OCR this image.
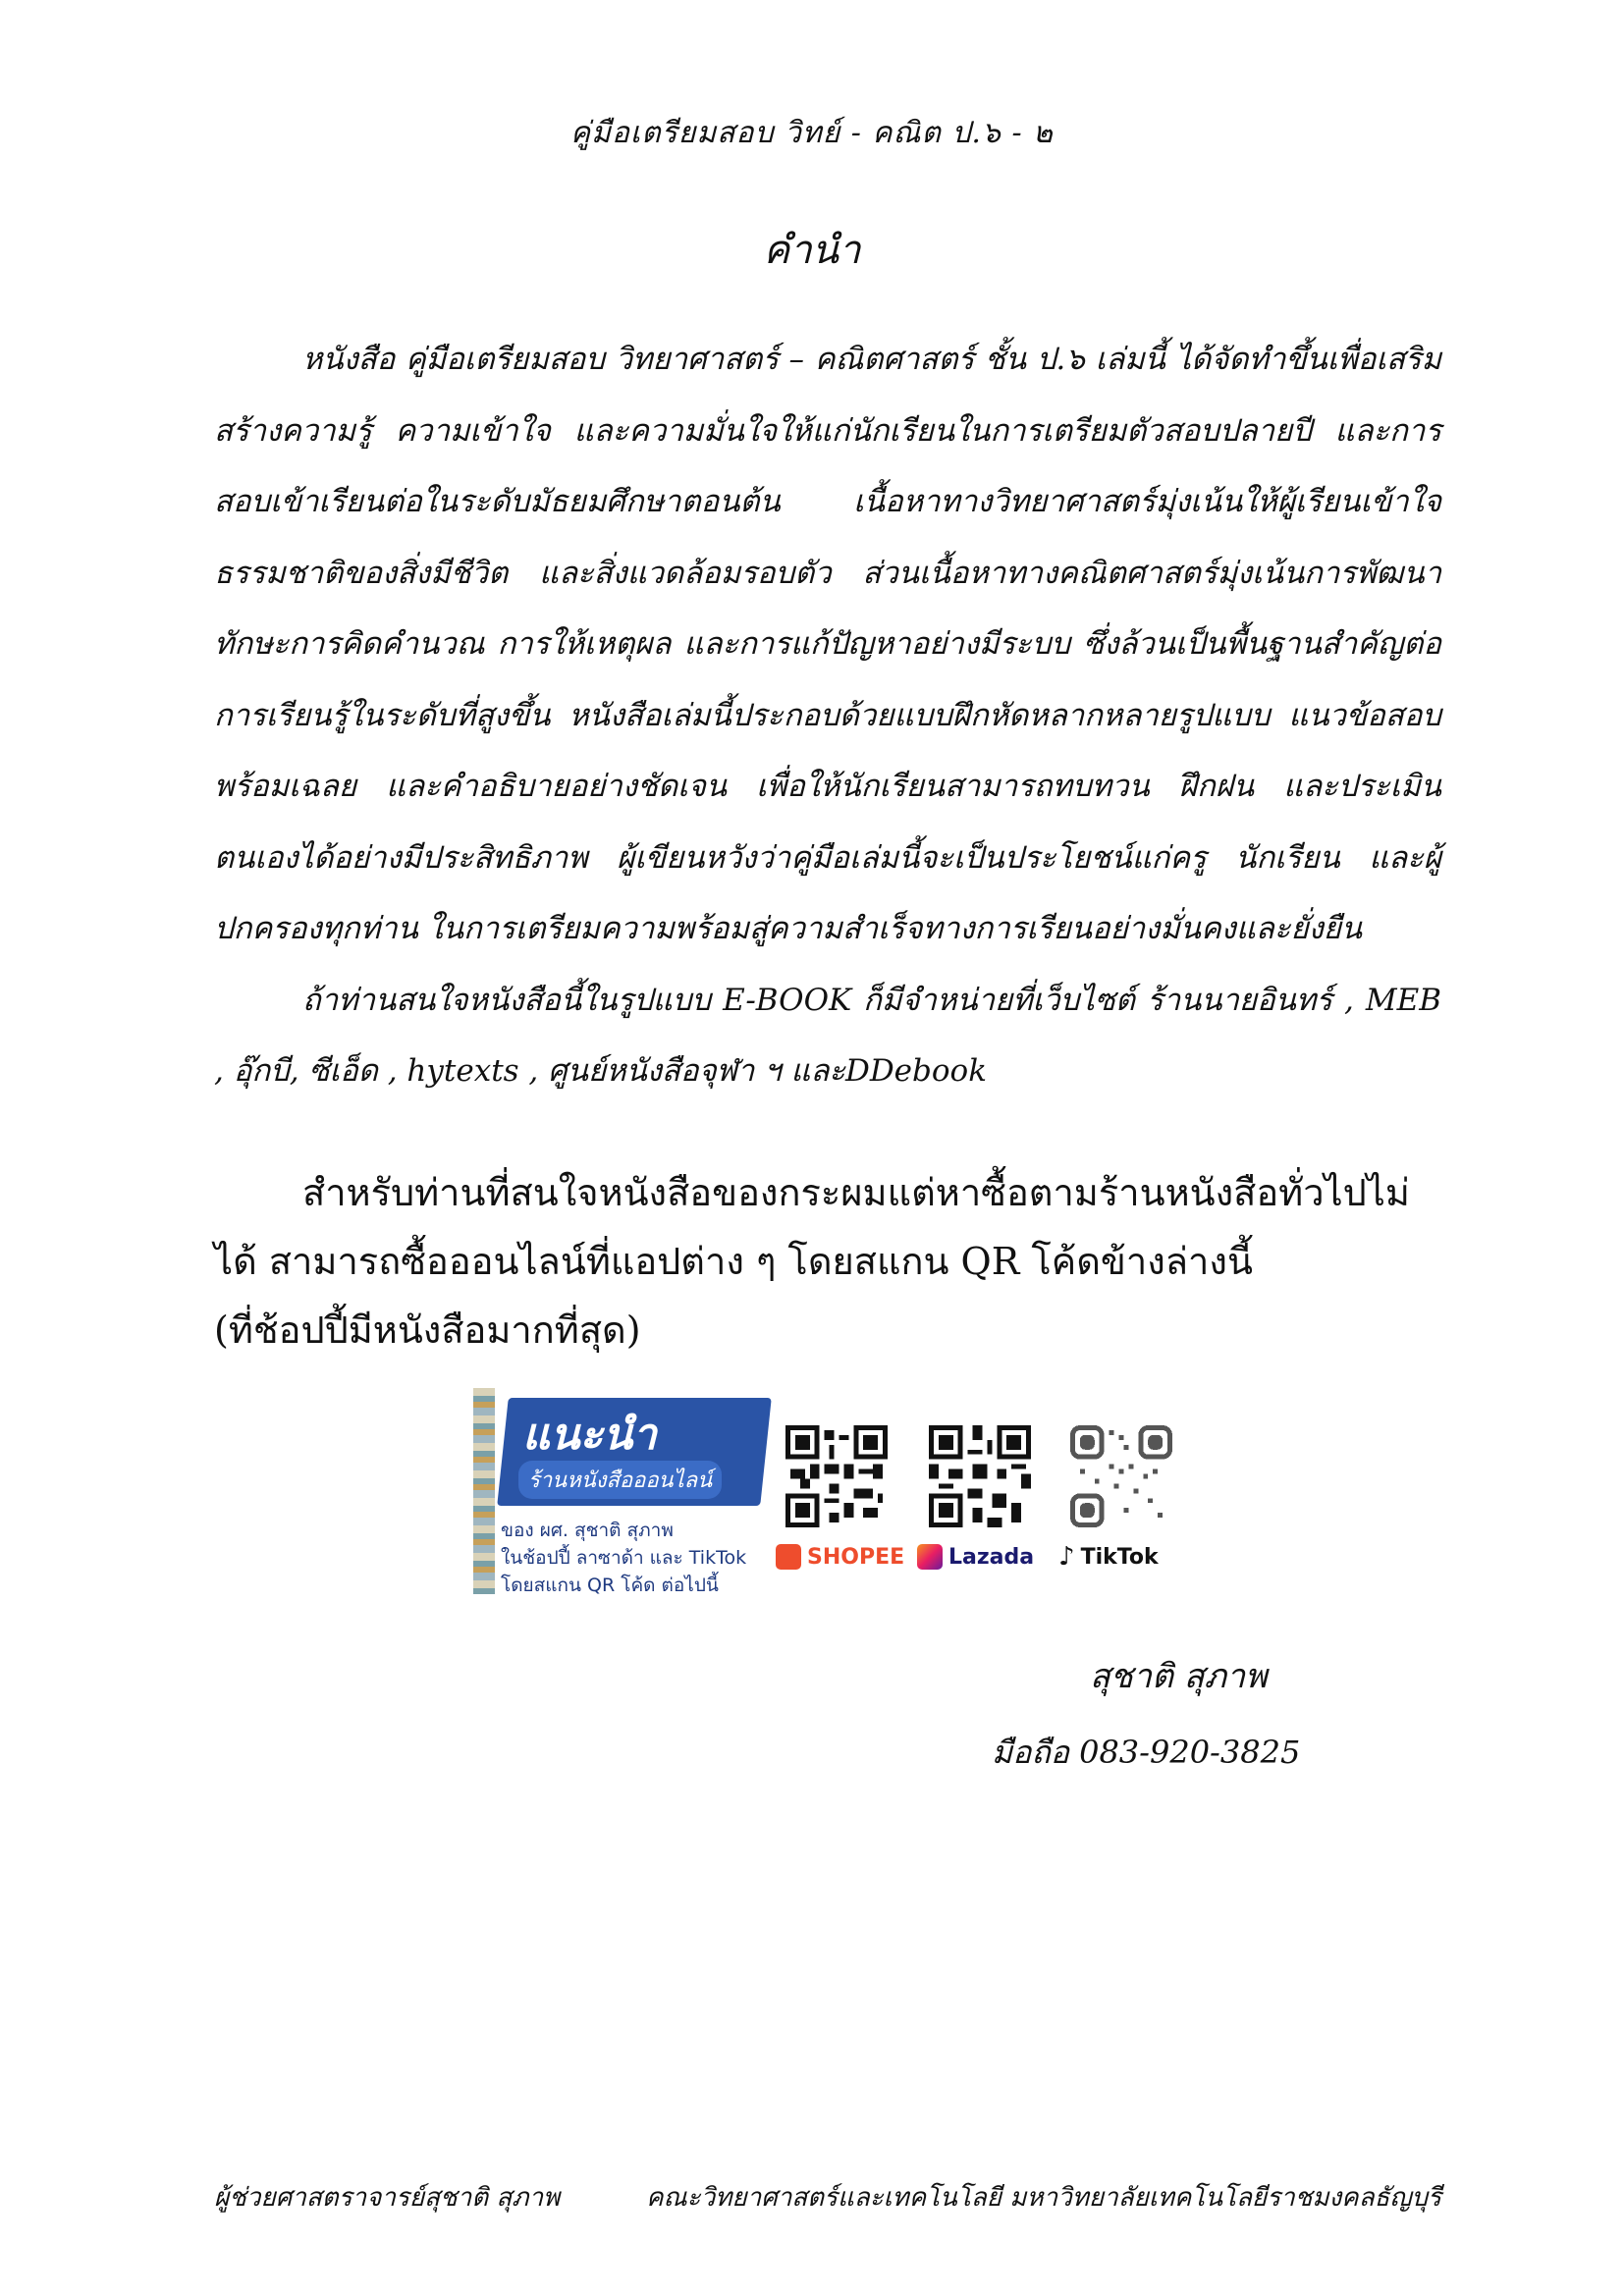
คู่มือเตรียมสอบ วิทย์ - คณิต ป.๖ - ๒
คำนำ

หนังสือ คู่มือเตรียมสอบ วิทยาศาสตร์ – คณิตศาสตร์ ชั้น ป.๖ เล่มนี้ ได้จัดทำขึ้นเพื่อเสริมสร้างความรู้ ความเข้าใจ และความมั่นใจให้แก่นักเรียนในการเตรียมตัวสอบปลายปี และการสอบเข้าเรียนต่อในระดับมัธยมศึกษาตอนต้น เนื้อหาทางวิทยาศาสตร์มุ่งเน้นให้ผู้เรียนเข้าใจธรรมชาติของสิ่งมีชีวิต และสิ่งแวดล้อมรอบตัว ส่วนเนื้อหาทางคณิตศาสตร์มุ่งเน้นการพัฒนาทักษะการคิดคำนวณ การให้เหตุผล และการแก้ปัญหาอย่างมีระบบ ซึ่งล้วนเป็นพื้นฐานสำคัญต่อการเรียนรู้ในระดับที่สูงขึ้น หนังสือเล่มนี้ประกอบด้วยแบบฝึกหัดหลากหลายรูปแบบ แนวข้อสอบพร้อมเฉลย และคำอธิบายอย่างชัดเจน เพื่อให้นักเรียนสามารถทบทวน ฝึกฝน และประเมินตนเองได้อย่างมีประสิทธิภาพ ผู้เขียนหวังว่าคู่มือเล่มนี้จะเป็นประโยชน์แก่ครู นักเรียน และผู้ปกครองทุกท่าน ในการเตรียมความพร้อมสู่ความสำเร็จทางการเรียนอย่างมั่นคงและยั่งยืน

ถ้าท่านสนใจหนังสือนี้ในรูปแบบ E-BOOK ก็มีจำหน่ายที่เว็บไซต์ ร้านนายอินทร์ , MEB , อุ๊กบี, ซีเอ็ด , hytexts , ศูนย์หนังสือจุฬา ฯ และDDebook

สำหรับท่านที่สนใจหนังสือของกระผมแต่หาซื้อตามร้านหนังสือทั่วไปไม่ได้ สามารถซื้อออนไลน์ที่แอปต่าง ๆ โดยสแกน QR โค้ดข้างล่างนี้

(ที่ช้อปปี้มีหนังสือมากที่สุด)

แนะนำ
ร้านหนังสือออนไลน์
ของ ผศ. สุชาติ สุภาพ
ในช้อปปี้ ลาซาด้า และ TikTok
โดยสแกน QR โค้ด ต่อไปนี้
SHOPEE Lazada ♪ TikTok
สุชาติ สุภาพ
มือถือ 083-920-3825
ผู้ช่วยศาสตราจารย์สุชาติ สุภาพ	คณะวิทยาศาสตร์และเทคโนโลยี มหาวิทยาลัยเทคโนโลยีราชมงคลธัญบุรี
